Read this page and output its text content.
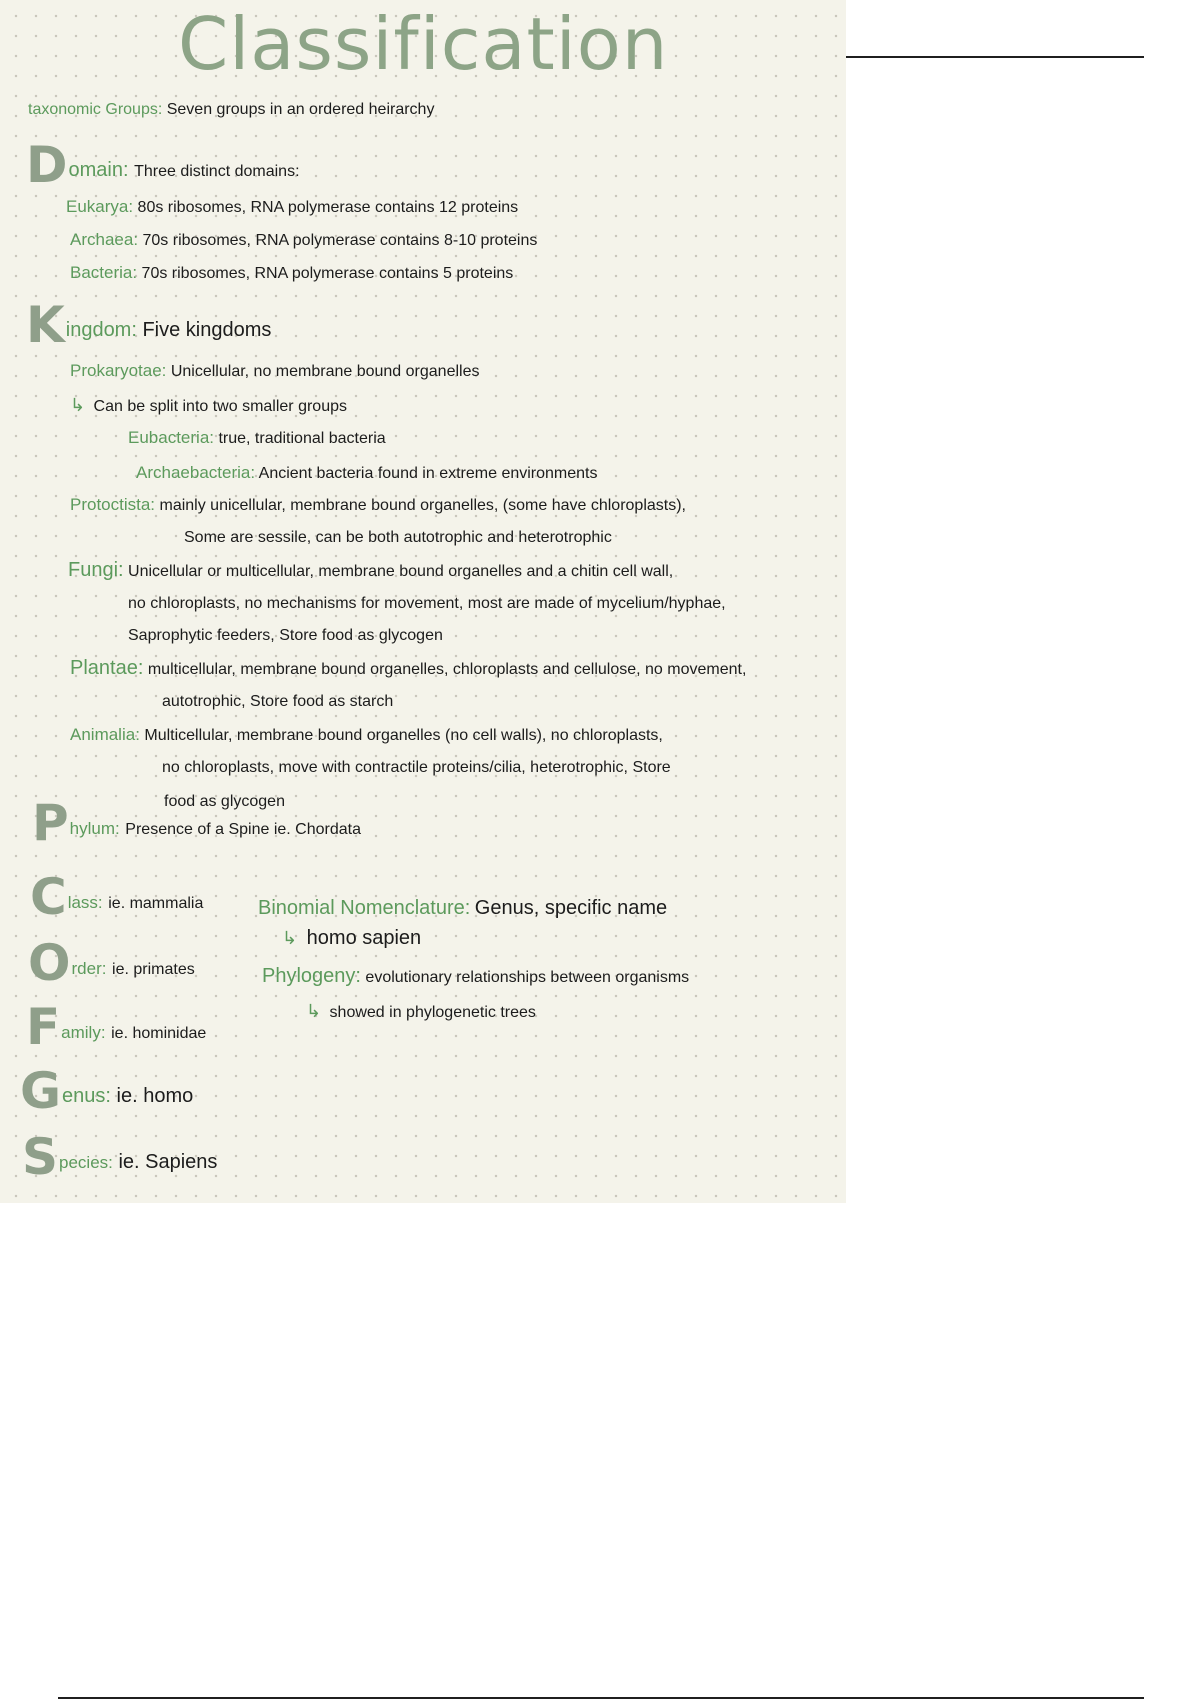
Classification
taxonomic Groups: Seven groups in an ordered heirarchy
Domain: Three distinct domains:
Eukarya: 80s ribosomes, RNA polymerase contains 12 proteins
Archaea: 70s ribosomes, RNA polymerase contains 8-10 proteins
Bacteria: 70s ribosomes, RNA polymerase contains 5 proteins
Kingdom: Five kingdoms
Prokaryotae: Unicellular, no membrane bound organelles
↳ Can be split into two smaller groups
Eubacteria: true, traditional bacteria
Archaebacteria: Ancient bacteria found in extreme environments
Protoctista: mainly unicellular, membrane bound organelles, (some have chloroplasts),
Some are sessile, can be both autotrophic and heterotrophic
Fungi: Unicellular or multicellular, membrane bound organelles and a chitin cell wall,
no chloroplasts, no mechanisms for movement, most are made of mycelium/hyphae,
Saprophytic feeders, Store food as glycogen
Plantae: multicellular, membrane bound organelles, chloroplasts and cellulose, no movement,
autotrophic, Store food as starch
Animalia: Multicellular, membrane bound organelles (no cell walls), no chloroplasts,
no chloroplasts, move with contractile proteins/cilia, heterotrophic, Store
food as glycogen
Phylum: Presence of a Spine ie. Chordata
Class: ie. mammalia
Order: ie. primates
Family: ie. hominidae
Genus: ie. homo
Species: ie. Sapiens
Binomial Nomenclature: Genus, specific name
↳ homo sapien
Phylogeny: evolutionary relationships between organisms
↳ showed in phylogenetic trees
